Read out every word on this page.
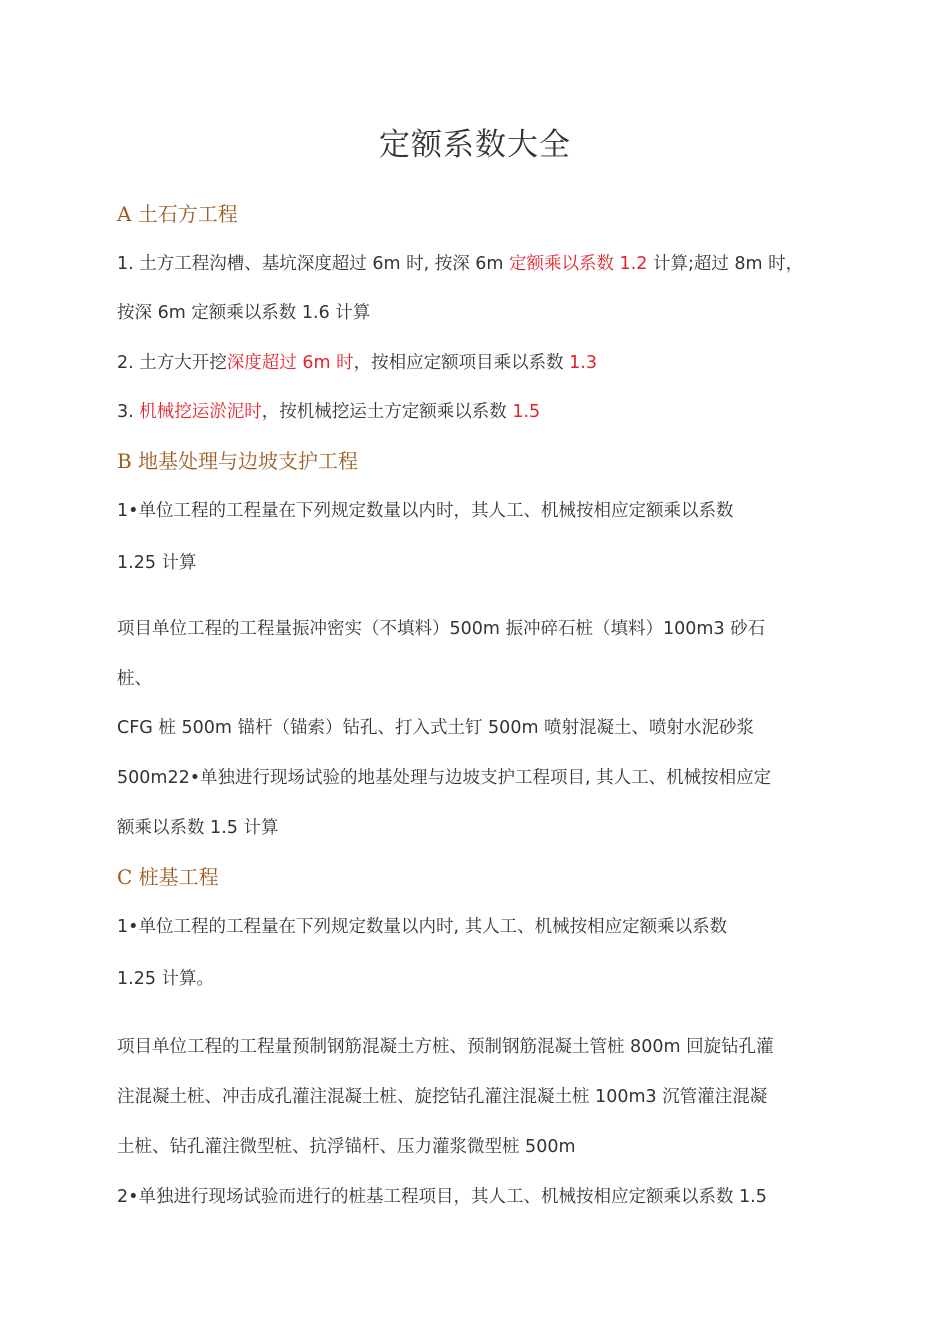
定额系数大全
A 土石方工程
1. 土方工程沟槽、基坑深度超过 6m 时, 按深 6m 定额乘以系数 1.2 计算;超过 8m 时，
按深 6m 定额乘以系数 1.6 计算
2. 土方大开挖深度超过 6m 时，按相应定额项目乘以系数 1.3
3. 机械挖运淤泥时，按机械挖运土方定额乘以系数 1.5
B 地基处理与边坡支护工程
1•单位工程的工程量在下列规定数量以内时，其人工、机械按相应定额乘以系数
1.25 计算
项目单位工程的工程量振冲密实（不填料）500m 振冲碎石桩（填料）100m3 砂石
桩、
CFG 桩 500m 锚杆（锚索）钻孔、打入式土钉 500m 喷射混凝土、喷射水泥砂浆
500m22•单独进行现场试验的地基处理与边坡支护工程项目, 其人工、机械按相应定
额乘以系数 1.5 计算
C 桩基工程
1•单位工程的工程量在下列规定数量以内时, 其人工、机械按相应定额乘以系数
1.25 计算。
项目单位工程的工程量预制钢筋混凝土方桩、预制钢筋混凝土管桩 800m 回旋钻孔灌
注混凝土桩、冲击成孔灌注混凝土桩、旋挖钻孔灌注混凝土桩 100m3 沉管灌注混凝
土桩、钻孔灌注微型桩、抗浮锚杆、压力灌浆微型桩 500m
2•单独进行现场试验而进行的桩基工程项目，其人工、机械按相应定额乘以系数 1.5
